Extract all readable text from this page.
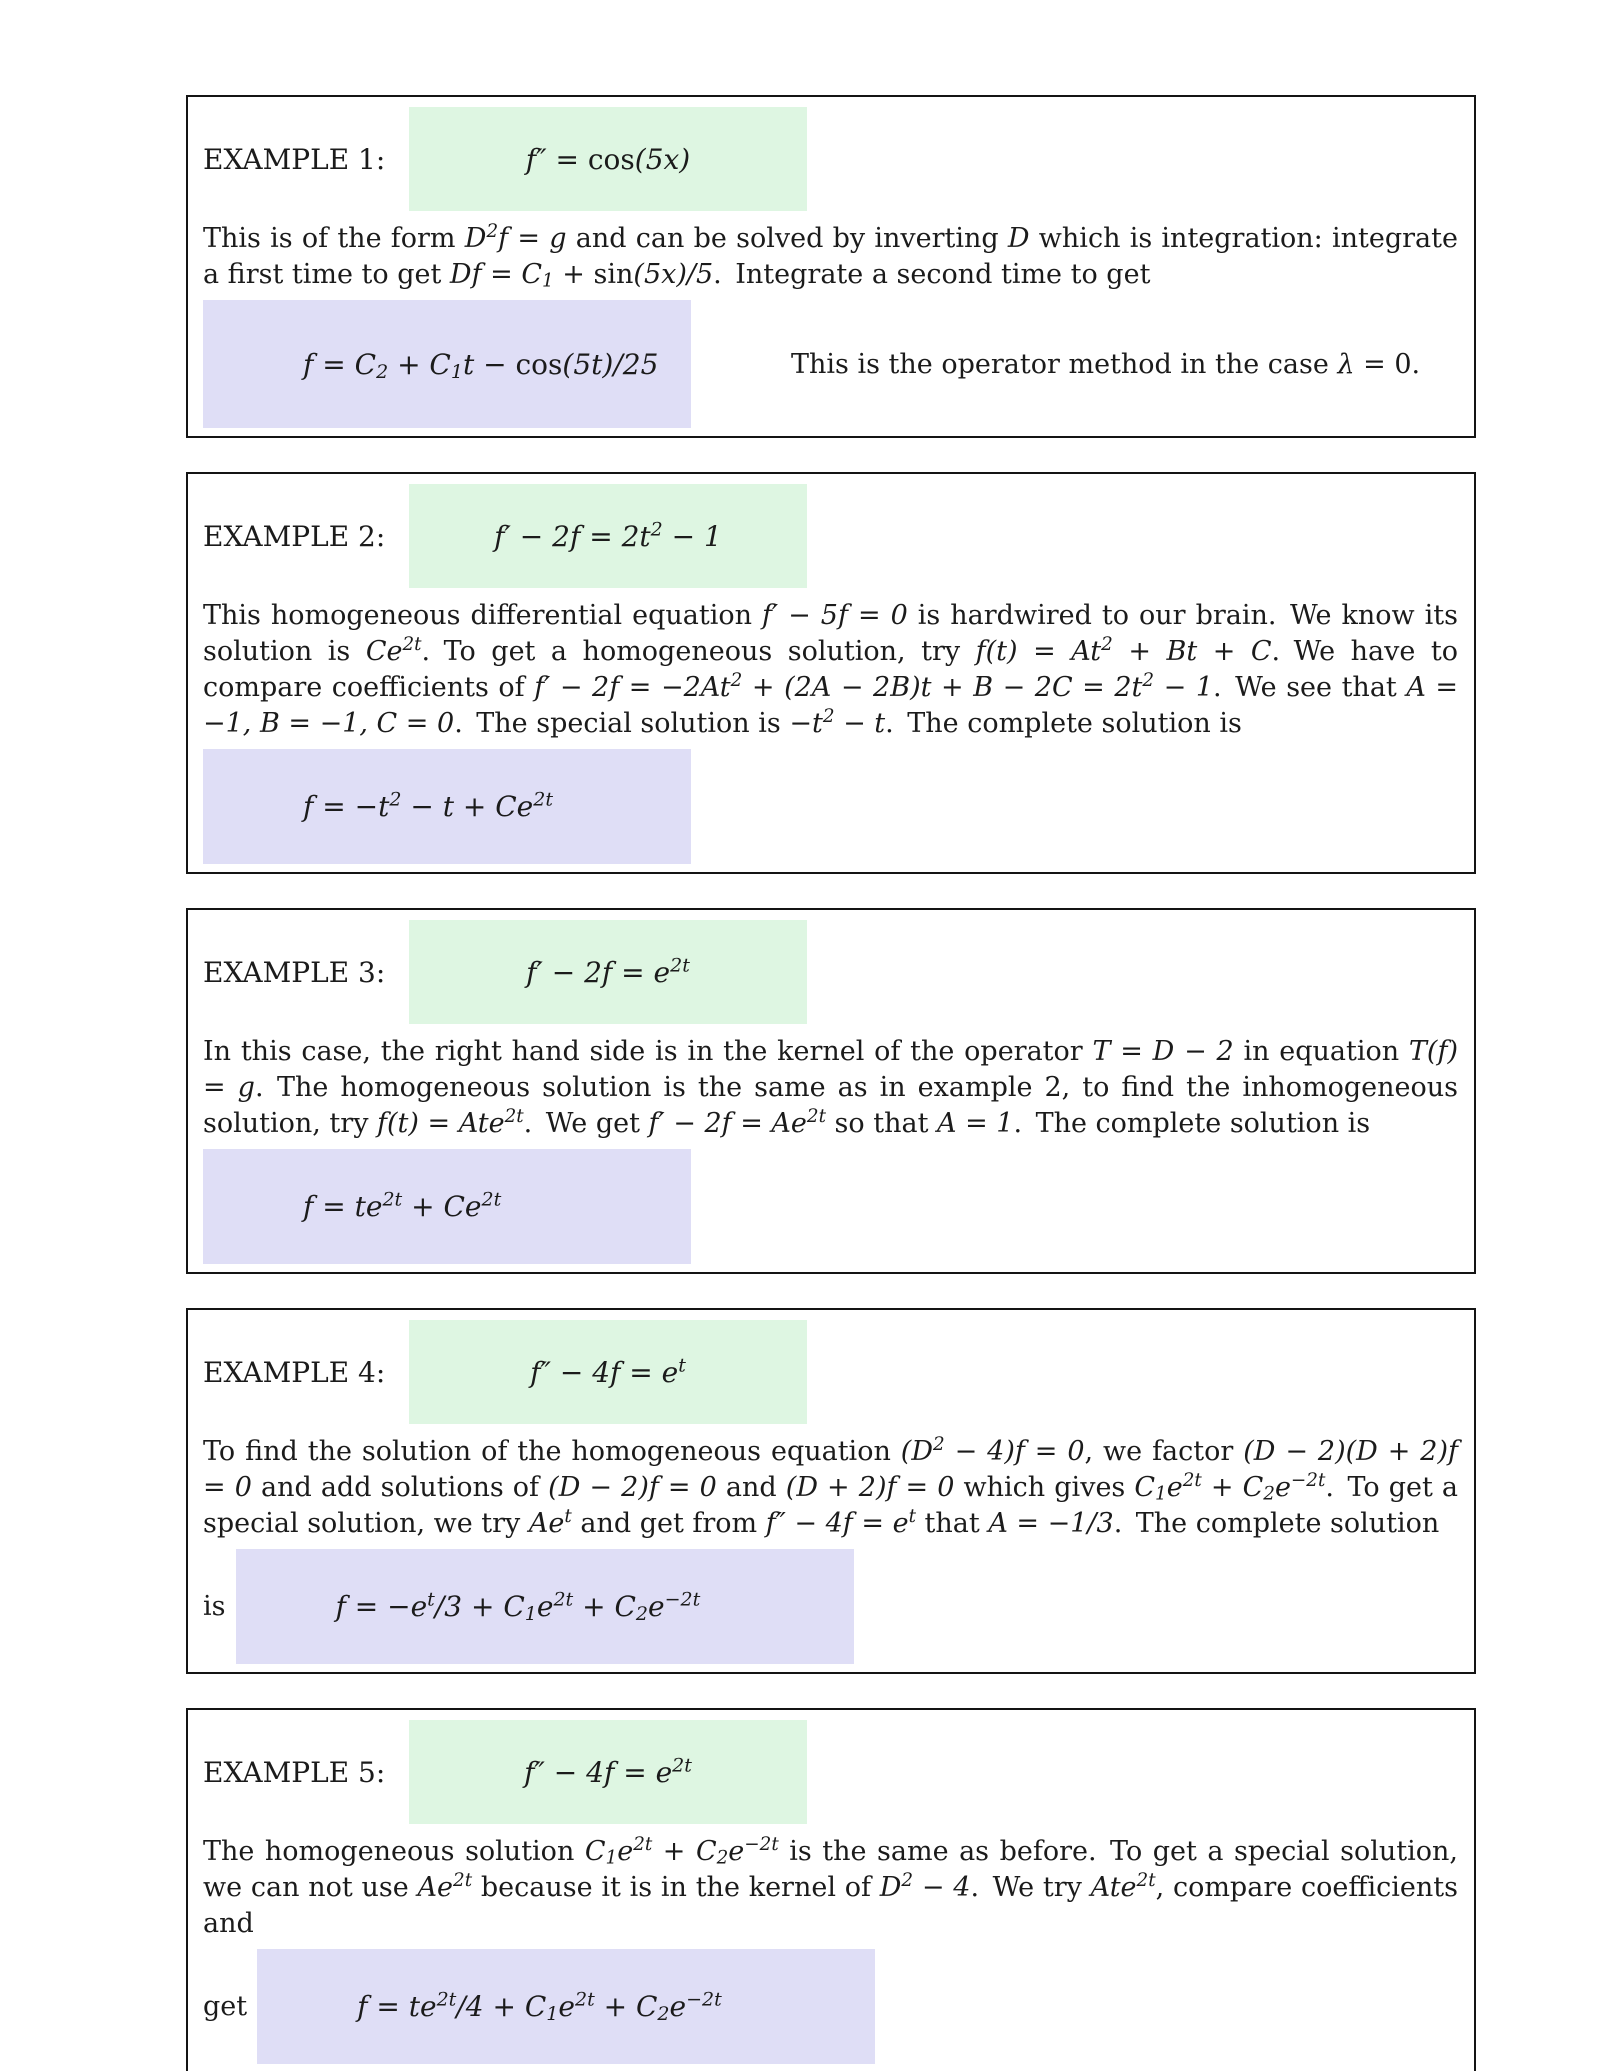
EXAMPLE 1:	f″ = cos(5x)

This is of the form $D^2f = g$ and can be solved by inverting D which is integration: integrate a first time to get $Df = C_1 + \sin(5x)/5$. Integrate a second time to get

$f = C_2 + C_1t - \cos(5t)/25$	This is the operator method in the case λ = 0.
EXAMPLE 2:	$f' - 2f = 2t^2 - 1$

This homogeneous differential equation f′ − 5f = 0 is hardwired to our brain. We know its solution is $Ce^{2t}$. To get a homogeneous solution, try $f(t) = At^2 + Bt + C$. We have to compare coefficients of $f' - 2f = -2At^2 + (2A - 2B)t + B - 2C = 2t^2 - 1$. We see that A = −1, B = −1, C = 0. The special solution is $-t^2 - t$. The complete solution is

$f = -t^2 - t + Ce^{2t}$
EXAMPLE 3:	$f' - 2f = e^{2t}$

In this case, the right hand side is in the kernel of the operator T = D − 2 in equation T(f) = g. The homogeneous solution is the same as in example 2, to find the inhomogeneous solution, try f(t) = Ate$^{2t}$. We get $f' - 2f = Ae^{2t}$ so that A = 1. The complete solution is

$f = te^{2t} + Ce^{2t}$
EXAMPLE 4:	$f'' - 4f = e^t$

To find the solution of the homogeneous equation $(D^2 - 4)f = 0$, we factor (D − 2)(D + 2)f = 0 and add solutions of (D − 2)f = 0 and (D + 2)f = 0 which gives $C_1e^{2t} + C_2e^{-2t}$. To get a special solution, we try Ae$^t$ and get from $f'' - 4f = e^t$ that A = −1/3. The complete solution

is	$f = -e^t/3 + C_1e^{2t} + C_2e^{-2t}$
EXAMPLE 5:	$f'' - 4f = e^{2t}$

The homogeneous solution $C_1e^{2t} + C_2e^{-2t}$ is the same as before. To get a special solution, we can not use $Ae^{2t}$ because it is in the kernel of $D^2 - 4$. We try Ate$^{2t}$, compare coefficients and

get	$f = te^{2t}/4 + C_1e^{2t} + C_2e^{-2t}$
